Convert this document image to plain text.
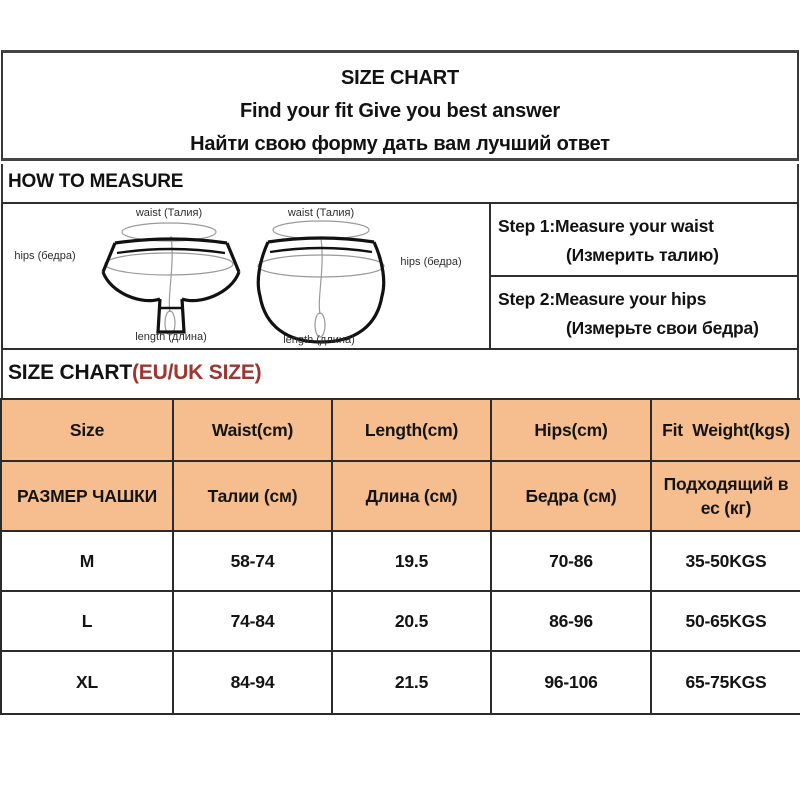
SIZE CHART
Find your fit Give you best answer
Найти свою форму дать вам лучший ответ
HOW TO MEASURE
waist (Талия)	waist (Талия)
hips (бедра)	hips (бедра)
length (длина)	length (длина)
Step 1:Measure your waist
(Измерить талию)
Step 2:Measure your hips
(Измерьте свои бедра)
SIZE CHART(EU/UK SIZE)
Size	Waist(cm)	Length(cm)	Hips(cm)	Fit  Weight(kgs)
РАЗМЕР ЧАШКИ	Талии (см)	Длина (см)	Бедра (см)	Подходящий в ес (кг)
M	58-74	19.5	70-86	35-50KGS
L	74-84	20.5	86-96	50-65KGS
XL	84-94	21.5	96-106	65-75KGS
